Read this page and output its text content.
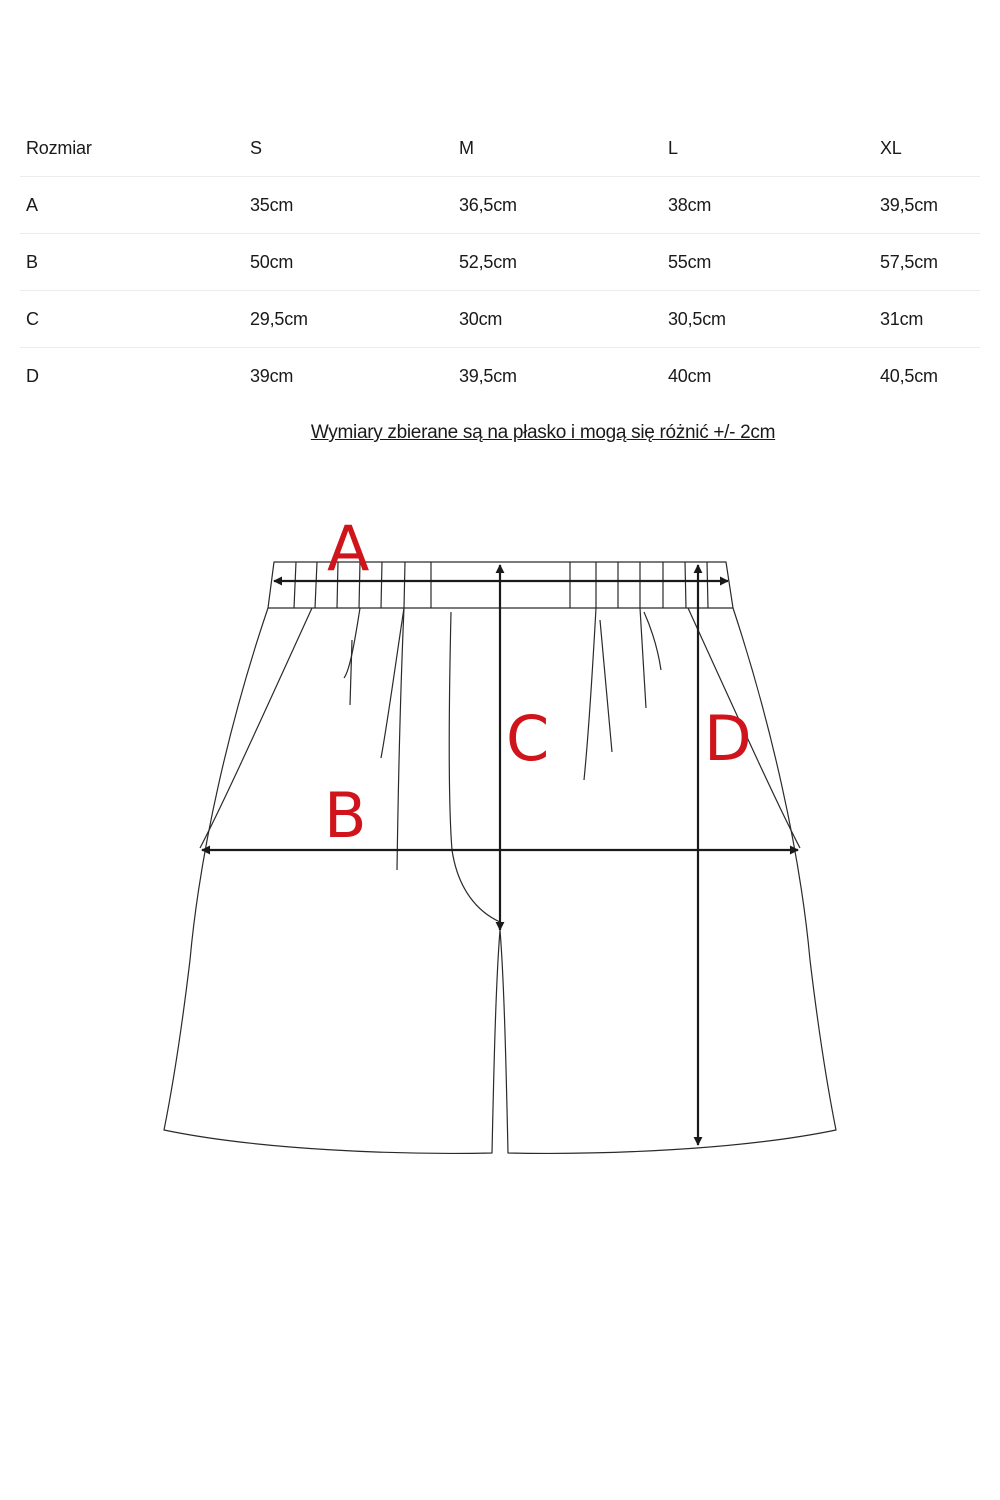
Rozmiar	S	M	L	XL
A	35cm	36,5cm	38cm	39,5cm
B	50cm	52,5cm	55cm	57,5cm
C	29,5cm	30cm	30,5cm	31cm
D	39cm	39,5cm	40cm	40,5cm
Wymiary zbierane są na płasko i mogą się różnić +/- 2cm
A
B
C D
